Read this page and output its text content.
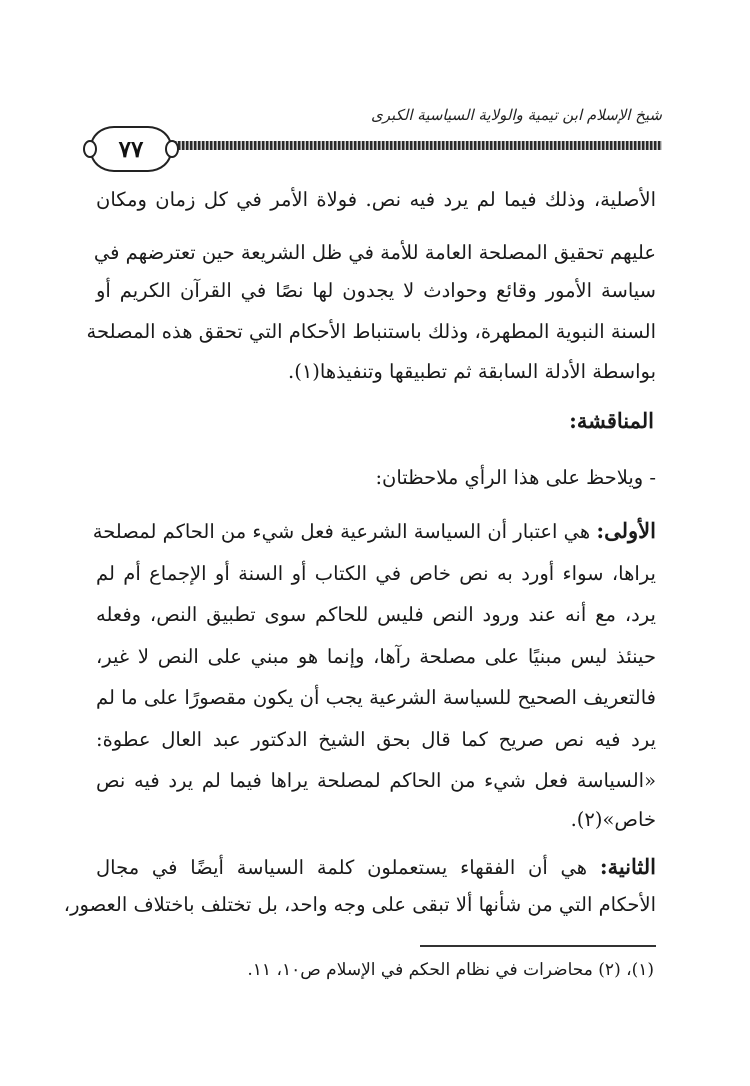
شيخ الإسلام ابن تيمية والولاية السياسية الكبرى
٧٧
الأصلية، وذلك فيما لم يرد فيه نص. فولاة الأمر في كل زمان ومكان
عليهم تحقيق المصلحة العامة للأمة في ظل الشريعة حين تعترضهم في
سياسة الأمور وقائع وحوادث لا يجدون لها نصًا في القرآن الكريم أو
السنة النبوية المطهرة، وذلك باستنباط الأحكام التي تحقق هذه المصلحة
بواسطة الأدلة السابقة ثم تطبيقها وتنفيذها(١).
المناقشة:
- ويلاحظ على هذا الرأي ملاحظتان:
الأولى: هي اعتبار أن السياسة الشرعية فعل شيء من الحاكم لمصلحة
يراها، سواء أورد به نص خاص في الكتاب أو السنة أو الإجماع أم لم
يرد، مع أنه عند ورود النص فليس للحاكم سوى تطبيق النص، وفعله
حينئذ ليس مبنيًا على مصلحة رآها، وإنما هو مبني على النص لا غير،
فالتعريف الصحيح للسياسة الشرعية يجب أن يكون مقصورًا على ما لم
يرد فيه نص صريح كما قال بحق الشيخ الدكتور عبد العال عطوة:
«السياسة فعل شيء من الحاكم لمصلحة يراها فيما لم يرد فيه نص
خاص»(٢).
الثانية: هي أن الفقهاء يستعملون كلمة السياسة أيضًا في مجال
الأحكام التي من شأنها ألا تبقى على وجه واحد، بل تختلف باختلاف العصور،
(١)، (٢) محاضرات في نظام الحكم في الإسلام ص١٠، ١١.
